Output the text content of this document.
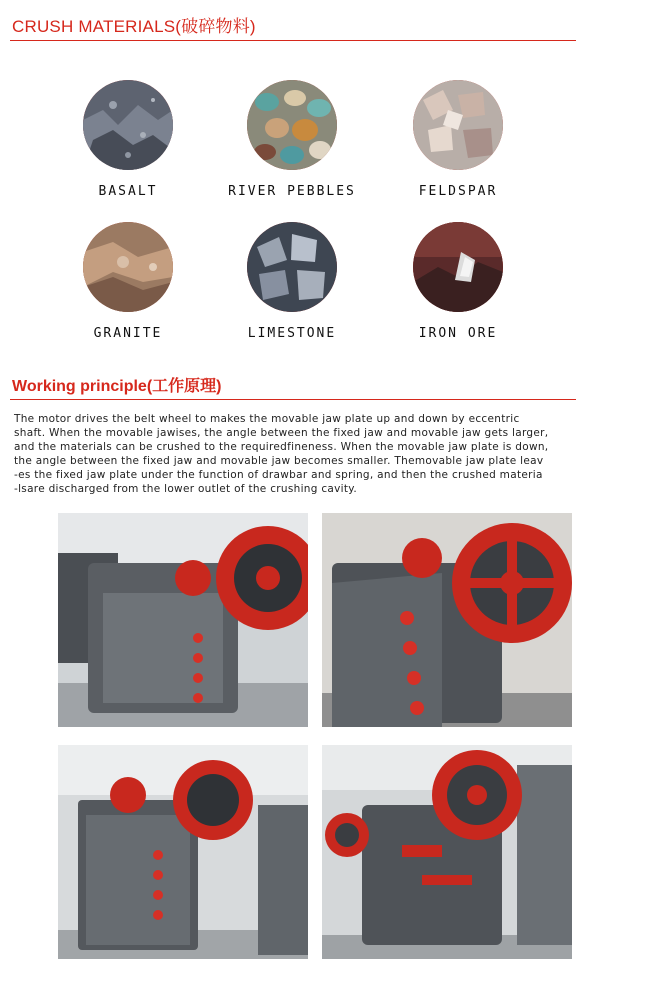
CRUSH MATERIALS(破碎物料)
BASALT	RIVER PEBBLES	FELDSPAR
GRANITE	LIMESTONE	IRON ORE
Working principle(工作原理)
The motor drives the belt wheel to makes the movable jaw plate up and down by eccentric
shaft. When the movable jawises, the angle between the fixed jaw and movable jaw gets larger,
and the materials can be crushed to the requiredfineness. When the movable jaw plate is down,
the angle between the fixed jaw and movable jaw becomes smaller. Themovable jaw plate leav
-es the fixed jaw plate under the function of drawbar and spring, and then the crushed materia
-lsare discharged from the lower outlet of the crushing cavity.
